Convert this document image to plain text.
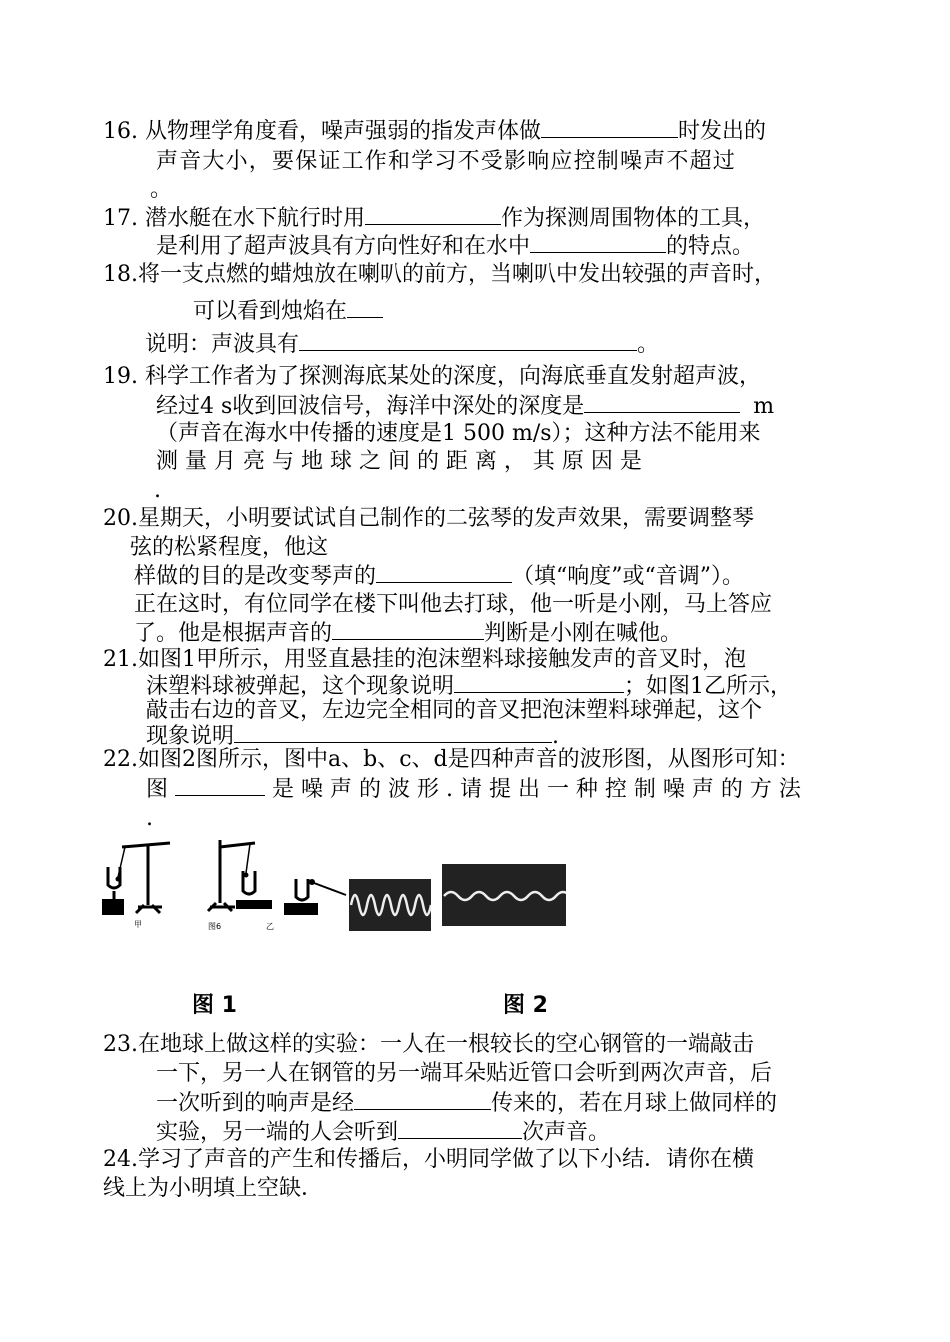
16. 从物理学角度看，噪声强弱的指发声体做	时发出的
声音大小，要保证工作和学习不受影响应控制噪声不超过
。
17. 潜水艇在水下航行时用	作为探测周围物体的工具，
是利用了超声波具有方向性好和在水中	的特点。
18.将一支点燃的蜡烛放在喇叭的前方，当喇叭中发出较强的声音时，
可以看到烛焰在
说明：声波具有	。
19. 科学工作者为了探测海底某处的深度，向海底垂直发射超声波，
经过4 s收到回波信号，海洋中深处的深度是	m
（声音在海水中传播的速度是1 500 m/s）；这种方法不能用来
测 量 月 亮 与 地 球 之 间 的 距 离 ， 其 原 因 是
.
20.星期天，小明要试试自己制作的二弦琴的发声效果，需要调整琴
弦的松紧程度，他这
样做的目的是改变琴声的	（填“响度”或“音调”）。
正在这时，有位同学在楼下叫他去打球，他一听是小刚，马上答应
了。他是根据声音的	判断是小刚在喊他。
21.如图1甲所示，用竖直悬挂的泡沫塑料球接触发声的音叉时，泡
沫塑料球被弹起，这个现象说明	；如图1乙所示，
敲击右边的音叉，左边完全相同的音叉把泡沫塑料球弹起，这个
现象说明	.
22.如图2图所示，图中a、b、c、d是四种声音的波形图，从图形可知：
图	是 噪 声 的 波 形 . 请 提 出 一 种 控 制 噪 声 的 方 法
.
甲	图6	乙
图 1	图 2
23.在地球上做这样的实验：一人在一根较长的空心钢管的一端敲击
一下，另一人在钢管的另一端耳朵贴近管口会听到两次声音，后
一次听到的响声是经	传来的，若在月球上做同样的
实验，另一端的人会听到	次声音。
24.学习了声音的产生和传播后，小明同学做了以下小结．请你在横
线上为小明填上空缺．
